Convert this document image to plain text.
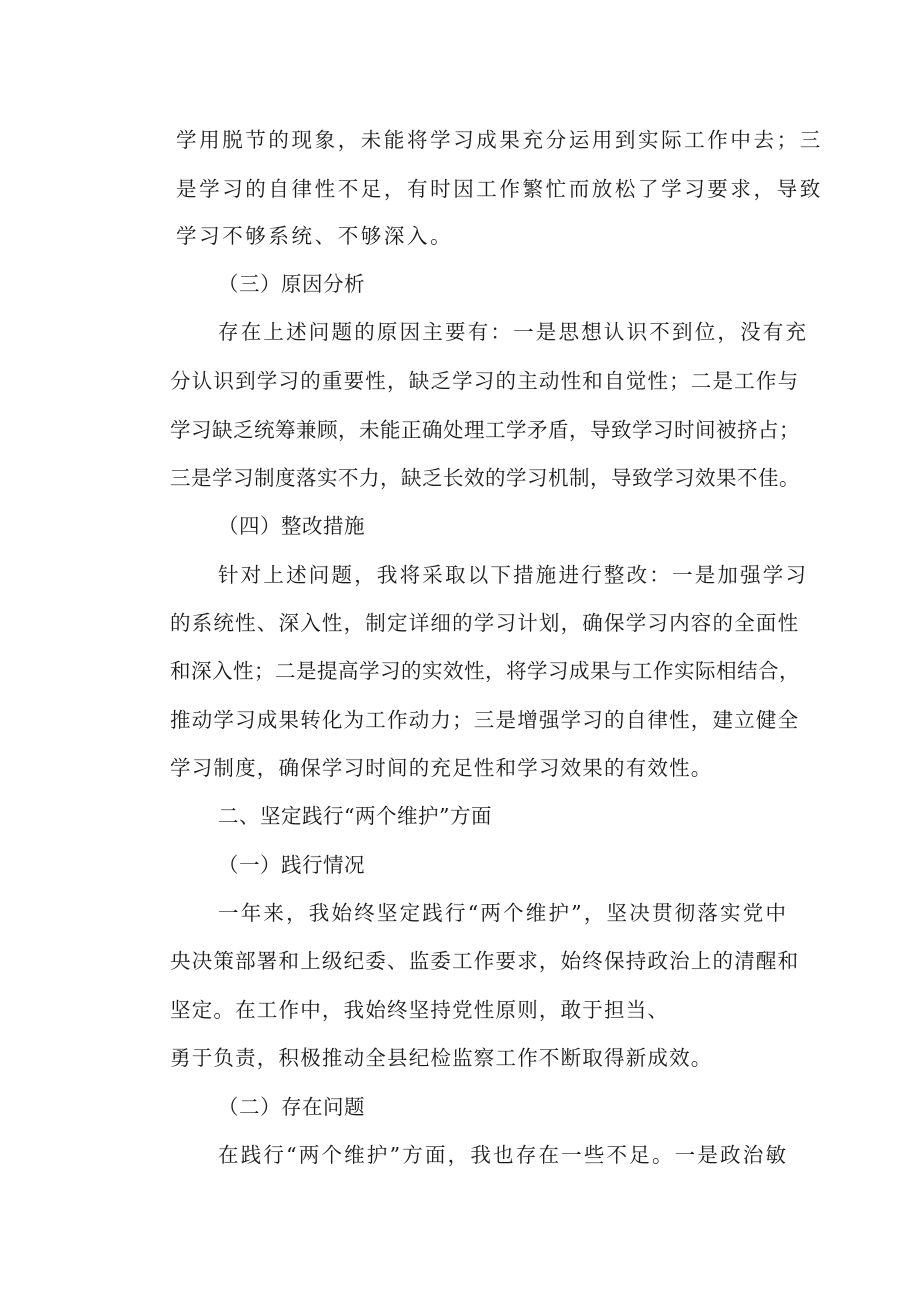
学用脱节的现象，未能将学习成果充分运用到实际工作中去；三
是学习的自律性不足，有时因工作繁忙而放松了学习要求，导致
学习不够系统、不够深入。
（三）原因分析
存在上述问题的原因主要有：一是思想认识不到位，没有充
分认识到学习的重要性，缺乏学习的主动性和自觉性；二是工作与
学习缺乏统筹兼顾，未能正确处理工学矛盾，导致学习时间被挤占；
三是学习制度落实不力，缺乏长效的学习机制，导致学习效果不佳。
（四）整改措施
针对上述问题，我将采取以下措施进行整改：一是加强学习
的系统性、深入性，制定详细的学习计划，确保学习内容的全面性
和深入性；二是提高学习的实效性，将学习成果与工作实际相结合，
推动学习成果转化为工作动力；三是增强学习的自律性，建立健全
学习制度，确保学习时间的充足性和学习效果的有效性。
二、坚定践行“两个维护”方面
（一）践行情况
一年来，我始终坚定践行“两个维护”，坚决贯彻落实党中
央决策部署和上级纪委、监委工作要求，始终保持政治上的清醒和
坚定。在工作中，我始终坚持党性原则，敢于担当、
勇于负责，积极推动全县纪检监察工作不断取得新成效。
（二）存在问题
在践行“两个维护”方面，我也存在一些不足。一是政治敏
